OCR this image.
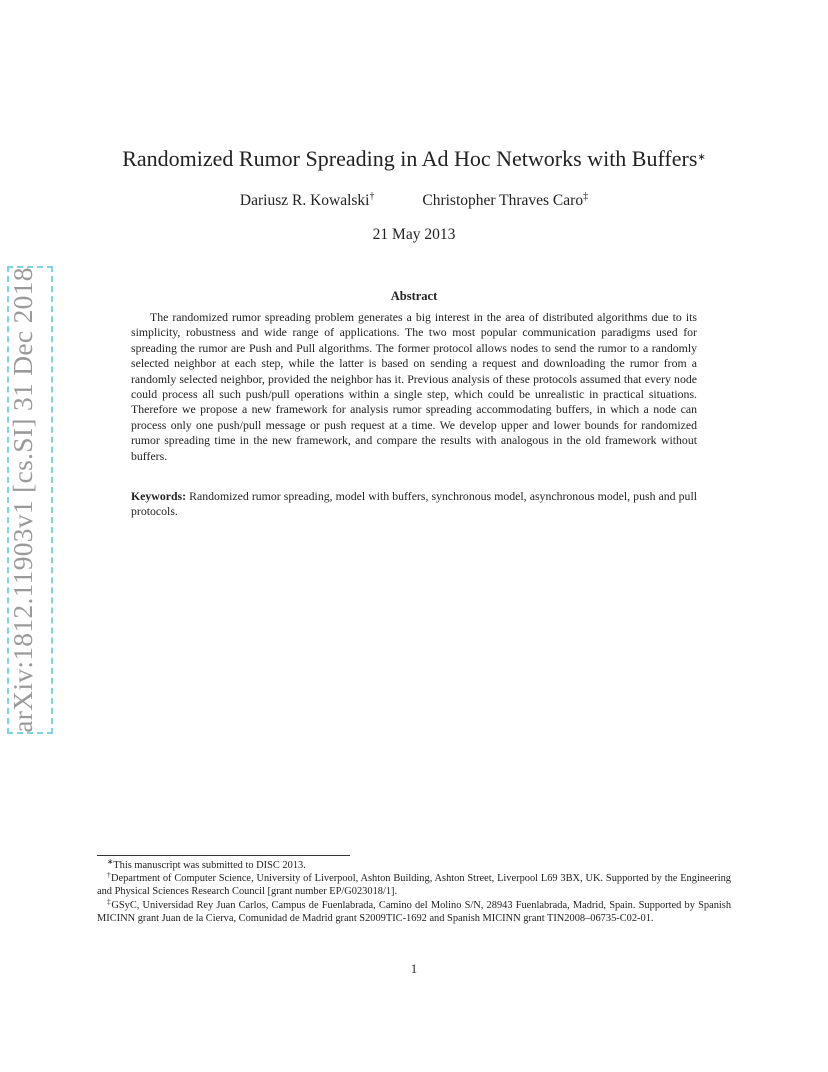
arXiv:1812.11903v1 [cs.SI] 31 Dec 2018
Randomized Rumor Spreading in Ad Hoc Networks with Buffers∗
Dariusz R. Kowalski†	Christopher Thraves Caro‡
21 May 2013
Abstract
The randomized rumor spreading problem generates a big interest in the area of distributed algorithms due to its simplicity, robustness and wide range of applications. The two most popular communication paradigms used for spreading the rumor are Push and Pull algorithms. The former protocol allows nodes to send the rumor to a randomly selected neighbor at each step, while the latter is based on sending a request and downloading the rumor from a randomly selected neighbor, provided the neighbor has it. Previous analysis of these protocols assumed that every node could process all such push/pull operations within a single step, which could be unrealistic in practical situations. Therefore we propose a new framework for analysis rumor spreading accommodating buffers, in which a node can process only one push/pull message or push request at a time. We develop upper and lower bounds for randomized rumor spreading time in the new framework, and compare the results with analogous in the old framework without buffers.
Keywords: Randomized rumor spreading, model with buffers, synchronous model, asynchronous model, push and pull protocols.
∗This manuscript was submitted to DISC 2013.
†Department of Computer Science, University of Liverpool, Ashton Building, Ashton Street, Liverpool L69 3BX, UK. Supported by the Engineering and Physical Sciences Research Council [grant number EP/G023018/1].
‡GSyC, Universidad Rey Juan Carlos, Campus de Fuenlabrada, Camino del Molino S/N, 28943 Fuenlabrada, Madrid, Spain. Supported by Spanish MICINN grant Juan de la Cierva, Comunidad de Madrid grant S2009TIC-1692 and Spanish MICINN grant TIN2008–06735-C02-01.
1
